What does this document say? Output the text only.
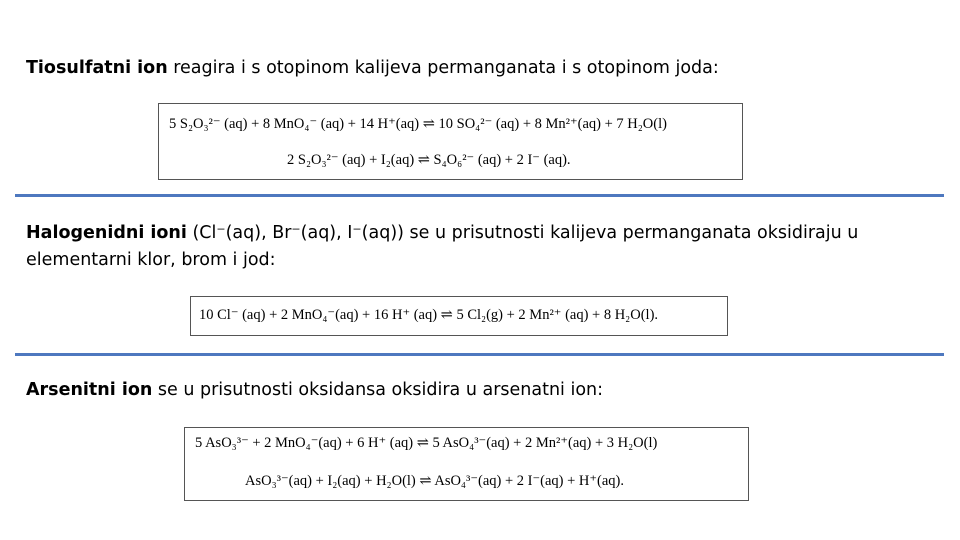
Tiosulfatni ion reagira i s otopinom kalijeva permanganata i s otopinom joda:
5 S₂O₃²⁻ (aq) + 8 MnO₄⁻ (aq) + 14 H⁺(aq) ⇌ 10 SO₄²⁻ (aq) + 8 Mn²⁺(aq) + 7 H₂O(l)
2 S₂O₃²⁻ (aq) + I₂(aq) ⇌ S₄O₆²⁻ (aq) + 2 I⁻ (aq).
Halogenidni ioni (Cl⁻(aq), Br⁻(aq), I⁻(aq)) se u prisutnosti kalijeva permanganata oksidiraju u
elementarni klor, brom i jod:
10 Cl⁻ (aq) + 2 MnO₄⁻(aq) + 16 H⁺ (aq) ⇌ 5 Cl₂(g) + 2 Mn²⁺ (aq) + 8 H₂O(l).
Arsenitni ion se u prisutnosti oksidansa oksidira u arsenatni ion:
5 AsO₃³⁻ + 2 MnO₄⁻(aq) + 6 H⁺ (aq) ⇌ 5 AsO₄³⁻(aq) + 2 Mn²⁺(aq) + 3 H₂O(l)
AsO₃³⁻(aq) + I₂(aq) + H₂O(l) ⇌ AsO₄³⁻(aq) + 2 I⁻(aq) + H⁺(aq).
